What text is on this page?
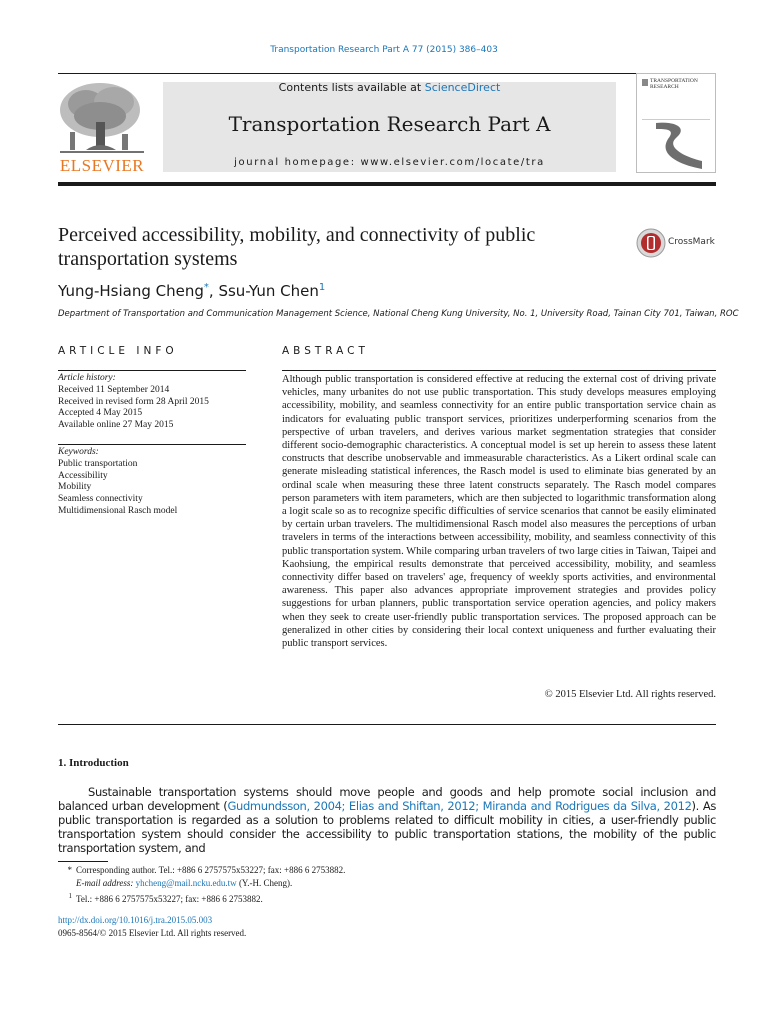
Transportation Research Part A 77 (2015) 386–403
ELSEVIER
Contents lists available at ScienceDirect
Transportation Research Part A
journal homepage: www.elsevier.com/locate/tra
TRANSPORTATION
RESEARCH
Perceived accessibility, mobility, and connectivity of public transportation systems
CrossMark
Yung-Hsiang Cheng*, Ssu-Yun Chen$^1$
Department of Transportation and Communication Management Science, National Cheng Kung University, No. 1, University Road, Tainan City 701, Taiwan, ROC
ARTICLE INFO	ABSTRACT
Article history:
Received 11 September 2014
Received in revised form 28 April 2015
Accepted 4 May 2015
Available online 27 May 2015
Keywords:
Public transportation
Accessibility
Mobility
Seamless connectivity
Multidimensional Rasch model
Although public transportation is considered effective at reducing the external cost of driving private vehicles, many urbanites do not use public transportation. This study develops measures employing accessibility, mobility, and seamless connectivity for an entire public transportation service chain as indicators for evaluating public transport services, prioritizes underperforming scenarios from the perspective of urban travelers, and derives various market segmentation strategies that consider different socio-demographic characteristics. A conceptual model is set up herein to assess these latent constructs that describe unobservable and immeasurable characteristics. As a Likert ordinal scale can generate misleading statistical inferences, the Rasch model is used to eliminate bias generated by an ordinal scale when measuring these three latent constructs separately. The Rasch model compares person parameters with item parameters, which are then subjected to logarithmic transformation along a logit scale so as to recognize specific difficulties of service scenarios that cannot be easily eliminated by certain urban travelers. The multidimensional Rasch model also measures the perceptions of urban travelers in terms of the interactions between accessibility, mobility, and seamless connectivity of this public transportation system. While comparing urban travelers of two large cities in Taiwan, Taipei and Kaohsiung, the empirical results demonstrate that perceived accessibility, mobility, and seamless connectivity differ based on travelers' age, frequency of weekly sports activities, and environmental awareness. This paper also advances appropriate improvement strategies and provides policy suggestions for urban planners, public transportation service operation agencies, and policy makers when they seek to create user-friendly public transportation services. The proposed approach can be generalized in other cities by considering their local context uniqueness and further evaluating their public transport services.
© 2015 Elsevier Ltd. All rights reserved.
1. Introduction
Sustainable transportation systems should move people and goods and help promote social inclusion and balanced urban development (Gudmundsson, 2004; Elias and Shiftan, 2012; Miranda and Rodrigues da Silva, 2012). As public transportation is regarded as a solution to problems related to difficult mobility in cities, a user-friendly public transportation system should consider the accessibility to public transportation stations, the mobility of the public transportation system, and
* Corresponding author. Tel.: +886 6 2757575x53227; fax: +886 6 2753882.
E-mail address: yhcheng@mail.ncku.edu.tw (Y.-H. Cheng).
1 Tel.: +886 6 2757575x53227; fax: +886 6 2753882.
http://dx.doi.org/10.1016/j.tra.2015.05.003
0965-8564/© 2015 Elsevier Ltd. All rights reserved.
